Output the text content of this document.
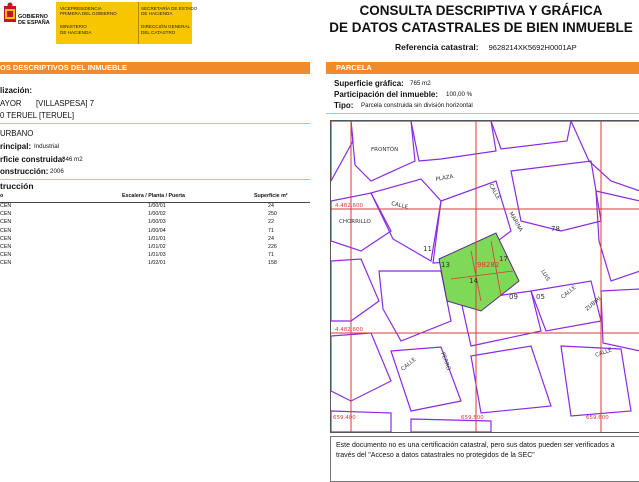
GOBIERNO
DE ESPAÑA
VICEPRESIDENCIA
PRIMERA DEL GOBIERNO
MINISTERIO
DE HACIENDA
SECRETARÍA DE ESTADO
DE HACIENDA
DIRECCIÓN GENERAL
DEL CATASTRO
CONSULTA DESCRIPTIVA Y GRÁFICA
DE DATOS CATASTRALES DE BIEN INMUEBLE
Referencia catastral: 9628214XK5692H0001AP
OS DESCRIPTIVOS DEL INMUEBLE	PARCELA
lización:
AYOR [VILLASPESA] 7
0 TERUEL [TERUEL]
URBANO
rincipal: Industrial
rficie construida:
846 m2
onstrucción: 2006
trucción
o	Escalera / Planta / Puerta	Superficie m²
CEN	1/00/01	24
CEN	1/00/02	250
CEN	1/00/03	22
CEN	1/00/04	71
CEN	1/01/01	24
CEN	1/01/02	226
CEN	1/01/03	71
CEN	1/02/01	158
Superficie gráfica: 765 m2
Participación del inmueble: 100,00 %
Tipo: Parcela construida sin división horizontal
FRONTÓN
PLAZA
CALLE
CALLE
MARINA
CHORRILLO
LUIS
CALLE
ZUBIRI
PERRO
CALLE
CALLE
11
13	98282
14
17
09	05
78
4.482.600
4.482.600
659.400	659.500	659.600
Este documento no es una certificación catastral, pero sus datos pueden ser verificados a
través del "Acceso a datos catastrales no protegidos de la SEC"
